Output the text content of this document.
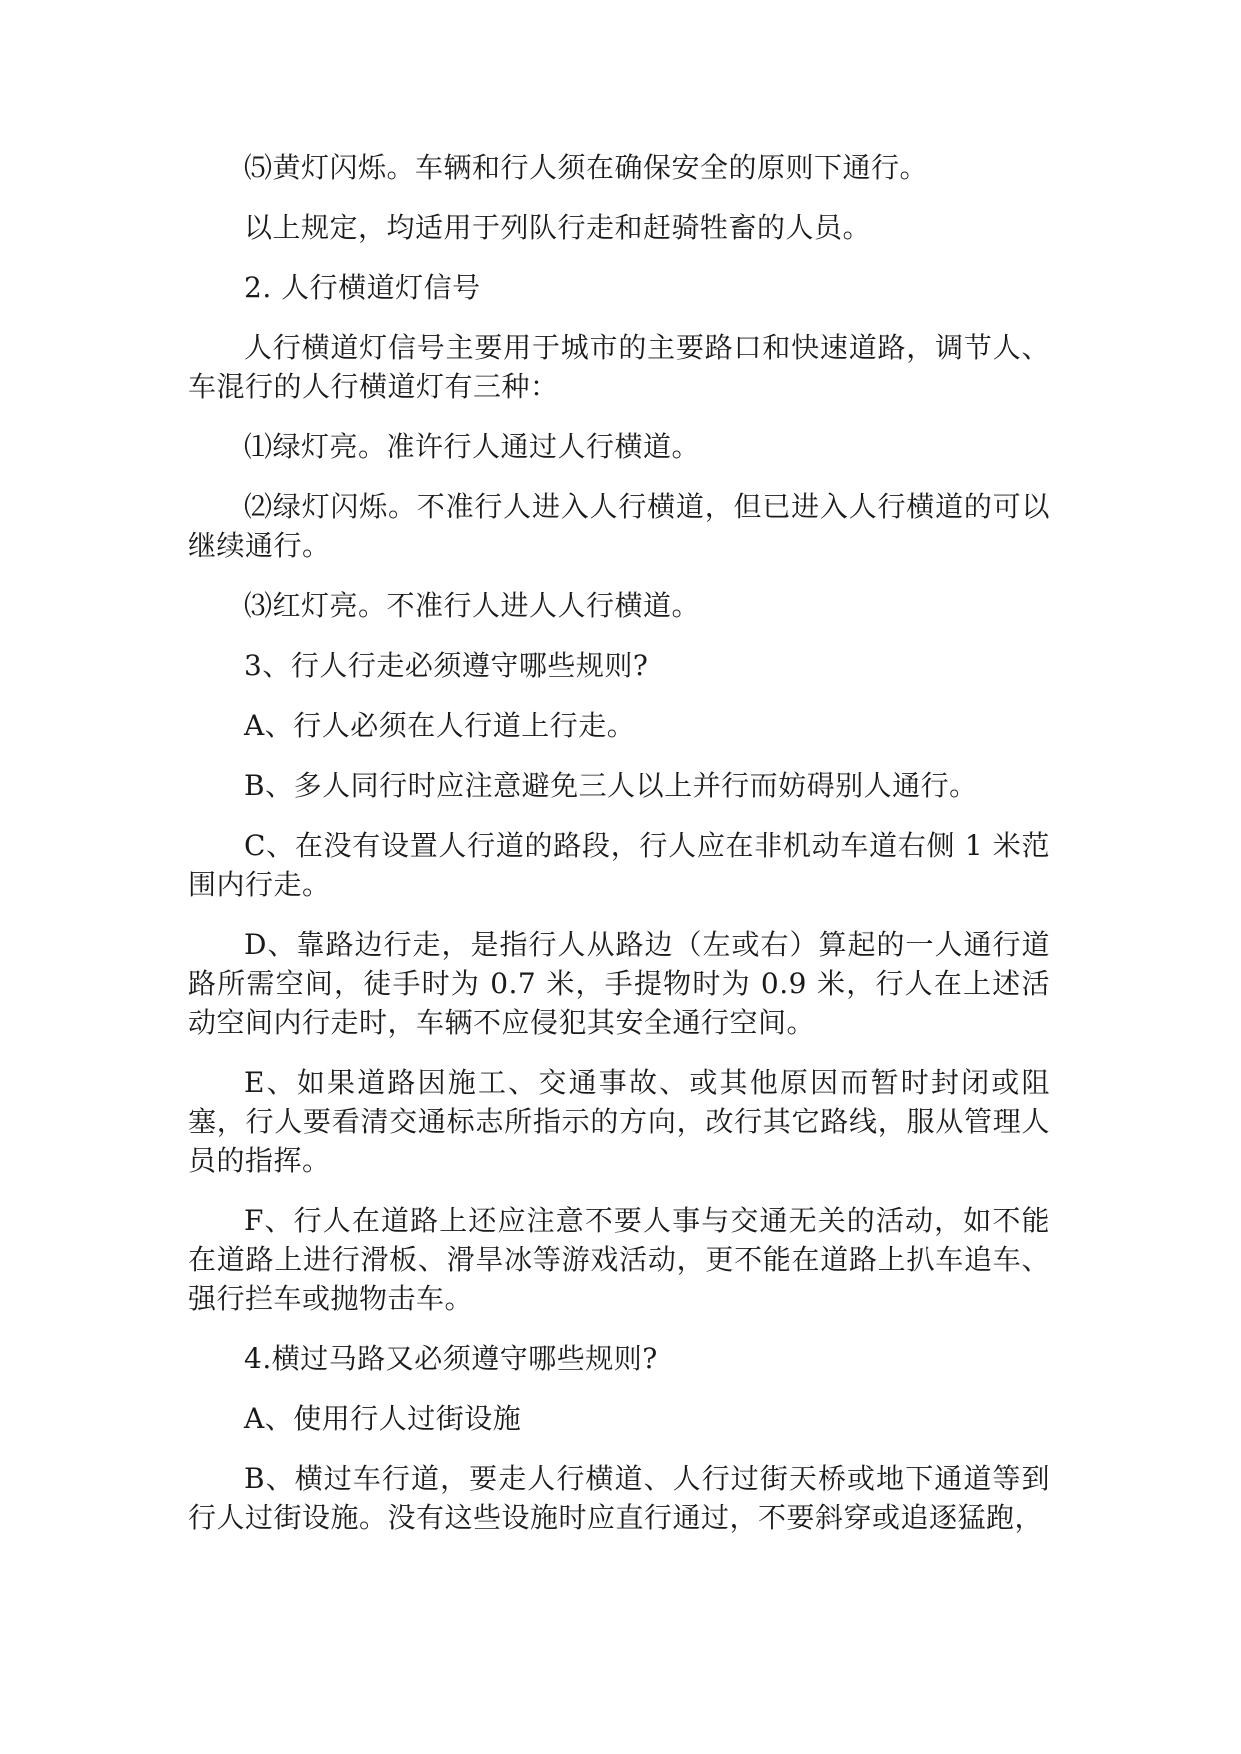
⑸黄灯闪烁。车辆和行人须在确保安全的原则下通行。

以上规定，均适用于列队行走和赶骑牲畜的人员。

2. 人行横道灯信号

人行横道灯信号主要用于城市的主要路口和快速道路，调节人、车混行的人行横道灯有三种：

⑴绿灯亮。准许行人通过人行横道。

⑵绿灯闪烁。不准行人进入人行横道，但已进入人行横道的可以继续通行。

⑶红灯亮。不准行人进人人行横道。

3、行人行走必须遵守哪些规则?

A、行人必须在人行道上行走。

B、多人同行时应注意避免三人以上并行而妨碍别人通行。

C、在没有设置人行道的路段，行人应在非机动车道右侧 1 米范围内行走。

D、靠路边行走，是指行人从路边（左或右）算起的一人通行道路所需空间，徒手时为 0.7 米，手提物时为 0.9 米，行人在上述活动空间内行走时，车辆不应侵犯其安全通行空间。

E、如果道路因施工、交通事故、或其他原因而暂时封闭或阻塞，行人要看清交通标志所指示的方向，改行其它路线，服从管理人员的指挥。

F、行人在道路上还应注意不要人事与交通无关的活动，如不能在道路上进行滑板、滑旱冰等游戏活动，更不能在道路上扒车追车、强行拦车或抛物击车。

4.横过马路又必须遵守哪些规则?

A、使用行人过街设施

B、横过车行道，要走人行横道、人行过街天桥或地下通道等到行人过街设施。没有这些设施时应直行通过，不要斜穿或追逐猛跑，
